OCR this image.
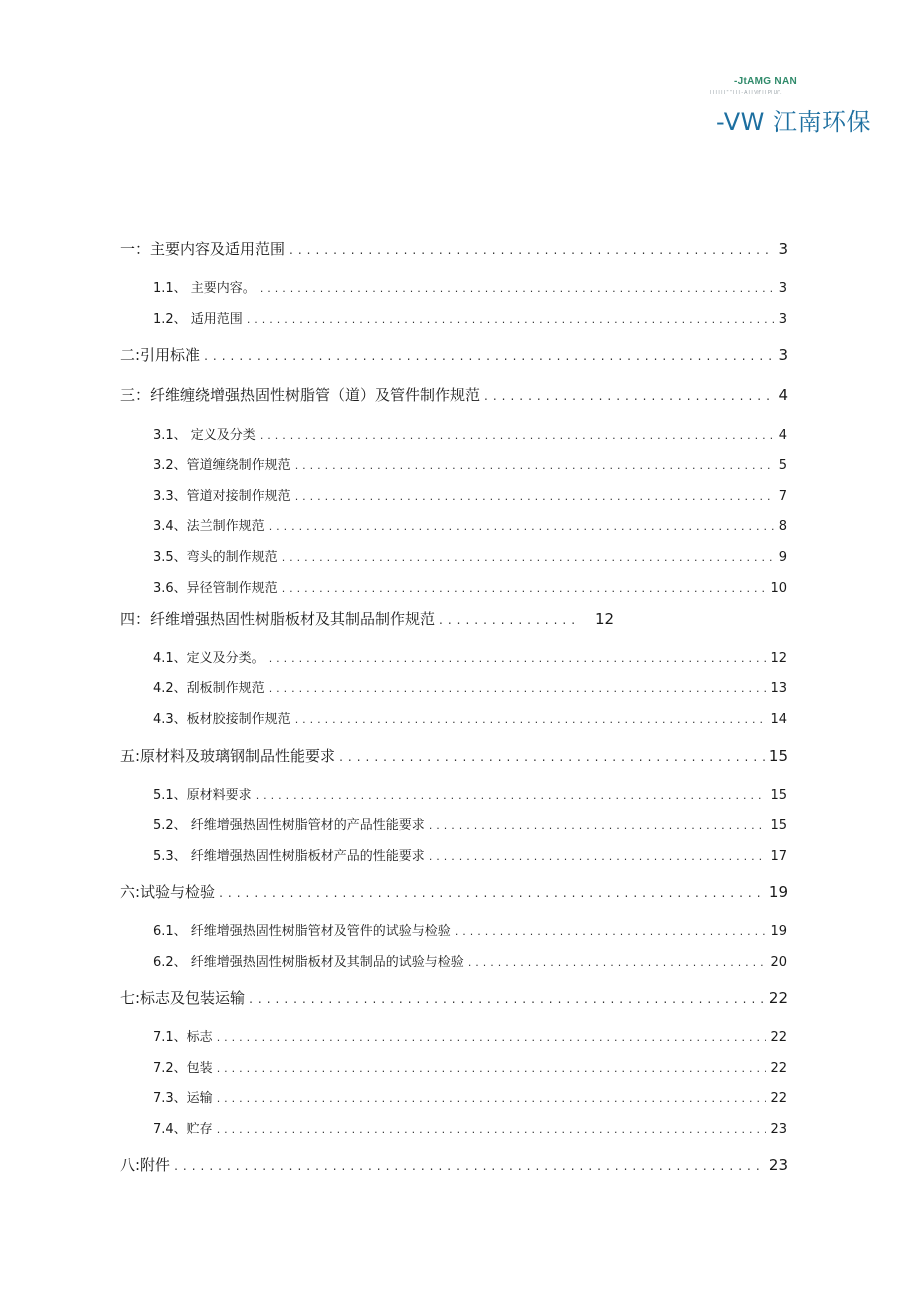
-JtAMG NAN
I I I I I I " " I I I - A I I Vif' I I Pl Ui".
-VW 江南环保
一：主要内容及适用范围 .....	3
1.1、 主要内容。 .....	3
1.2、 适用范围 .....	3
二:引用标准 .....	3
三：纤维缠绕增强热固性树脂管（道）及管件制作规范 .....	4
3.1、 定义及分类 .....	4
3.2、管道缠绕制作规范 .....	5
3.3、管道对接制作规范 .....	7
3.4、法兰制作规范 .....	8
3.5、弯头的制作规范 .....	9
3.6、异径管制作规范 .....	10
四：纤维增强热固性树脂板材及其制品制作规范 .....	12
4.1、定义及分类。 .....	12
4.2、刮板制作规范 .....	13
4.3、板材胶接制作规范 .....	14
五:原材料及玻璃钢制品性能要求 .....	15
5.1、原材料要求 .....	15
5.2、 纤维增强热固性树脂管材的产品性能要求 .....	15
5.3、 纤维增强热固性树脂板材产品的性能要求 .....	17
六:试验与检验 .....	19
6.1、 纤维增强热固性树脂管材及管件的试验与检验 .....	19
6.2、 纤维增强热固性树脂板材及其制品的试验与检验 .....	20
七:标志及包装运输 .....	22
7.1、标志 .....	22
7.2、包装 .....	22
7.3、运输 .....	22
7.4、贮存 .....	23
八:附件 .....	23
